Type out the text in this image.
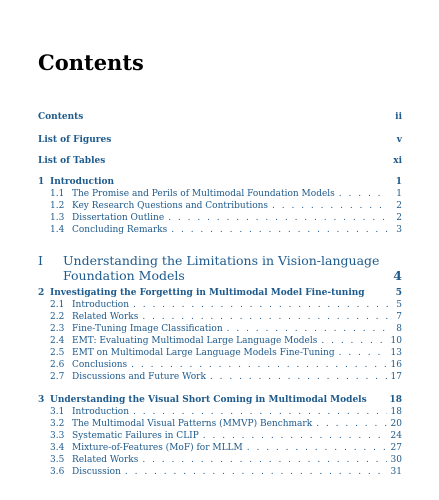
Contents
Contents	ii
List of Figures	v
List of Tables	xi
1 Introduction	1
1.1 The Promise and Perils of Multimodal Foundation Models . . .	1
1.2 Key Research Questions and Contributions . . .	2
1.3 Dissertation Outline . . .	2
1.4 Concluding Remarks . . .	3
I	Understanding the Limitations in Vision-language Foundation Models	4
2 Investigating the Forgetting in Multimodal Model Fine-tuning	5
2.1 Introduction . . .	5
2.2 Related Works . . .	7
2.3 Fine-Tuning Image Classification . . .	8
2.4 EMT: Evaluating Multimodal Large Language Models . . .	10
2.5 EMT on Multimodal Large Language Models Fine-Tuning . . .	13
2.6 Conclusions . . .	16
2.7 Discussions and Future Work . . .	17
3 Understanding the Visual Short Coming in Multimodal Models	18
3.1 Introduction . . .	18
3.2 The Multimodal Visual Patterns (MMVP) Benchmark . . .	20
3.3 Systematic Failures in CLIP . . .	24
3.4 Mixture-of-Features (MoF) for MLLM . . .	27
3.5 Related Works . . .	30
3.6 Discussion . . .	31
